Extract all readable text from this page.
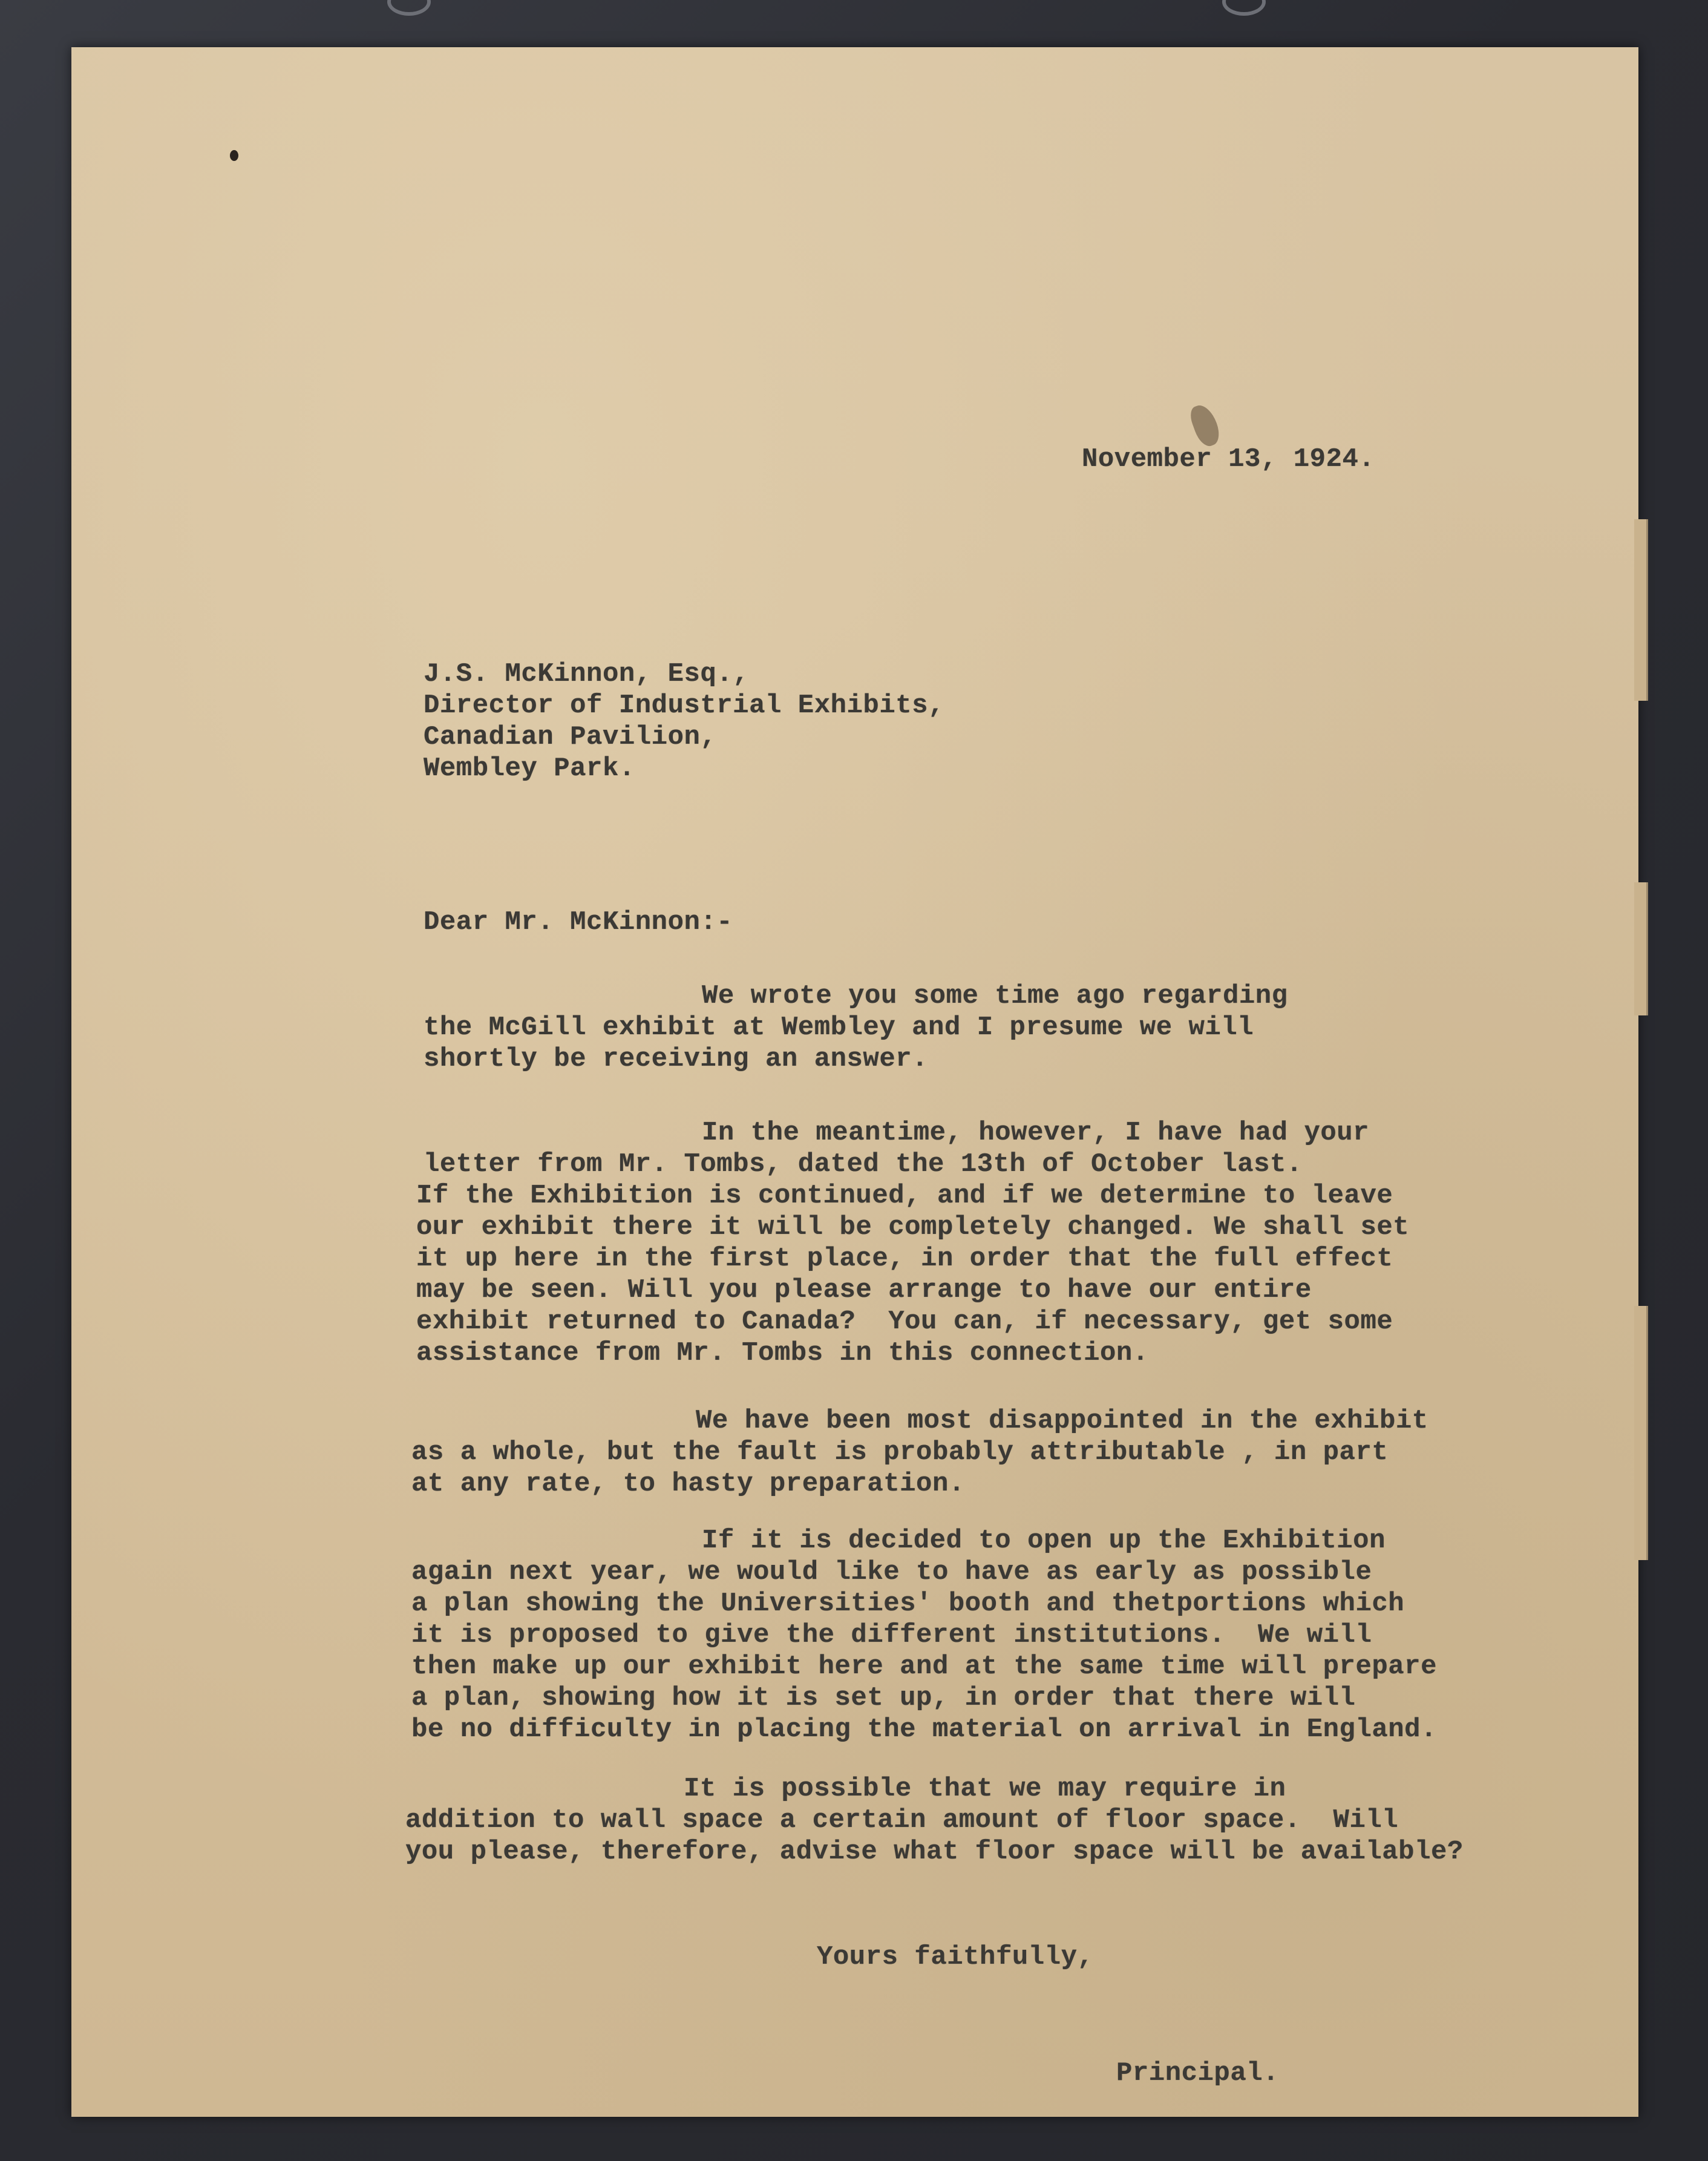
November 13, 1924.
J.S. McKinnon, Esq.,
Director of Industrial Exhibits,
Canadian Pavilion,
Wembley Park.
Dear Mr. McKinnon:-
We wrote you some time ago regarding
the McGill exhibit at Wembley and I presume we will
shortly be receiving an answer.
In the meantime, however, I have had your
letter from Mr. Tombs, dated the 13th of October last.
If the Exhibition is continued, and if we determine to leave
our exhibit there it will be completely changed. We shall set
it up here in the first place, in order that the full effect
may be seen. Will you please arrange to have our entire
exhibit returned to Canada?  You can, if necessary, get some
assistance from Mr. Tombs in this connection.
We have been most disappointed in the exhibit
as a whole, but the fault is probably attributable , in part
at any rate, to hasty preparation.
If it is decided to open up the Exhibition
again next year, we would like to have as early as possible
a plan showing the Universities' booth and thetportions which
it is proposed to give the different institutions.  We will
then make up our exhibit here and at the same time will prepare
a plan, showing how it is set up, in order that there will
be no difficulty in placing the material on arrival in England.
It is possible that we may require in
addition to wall space a certain amount of floor space.  Will
you please, therefore, advise what floor space will be available?
Yours faithfully,
Principal.
